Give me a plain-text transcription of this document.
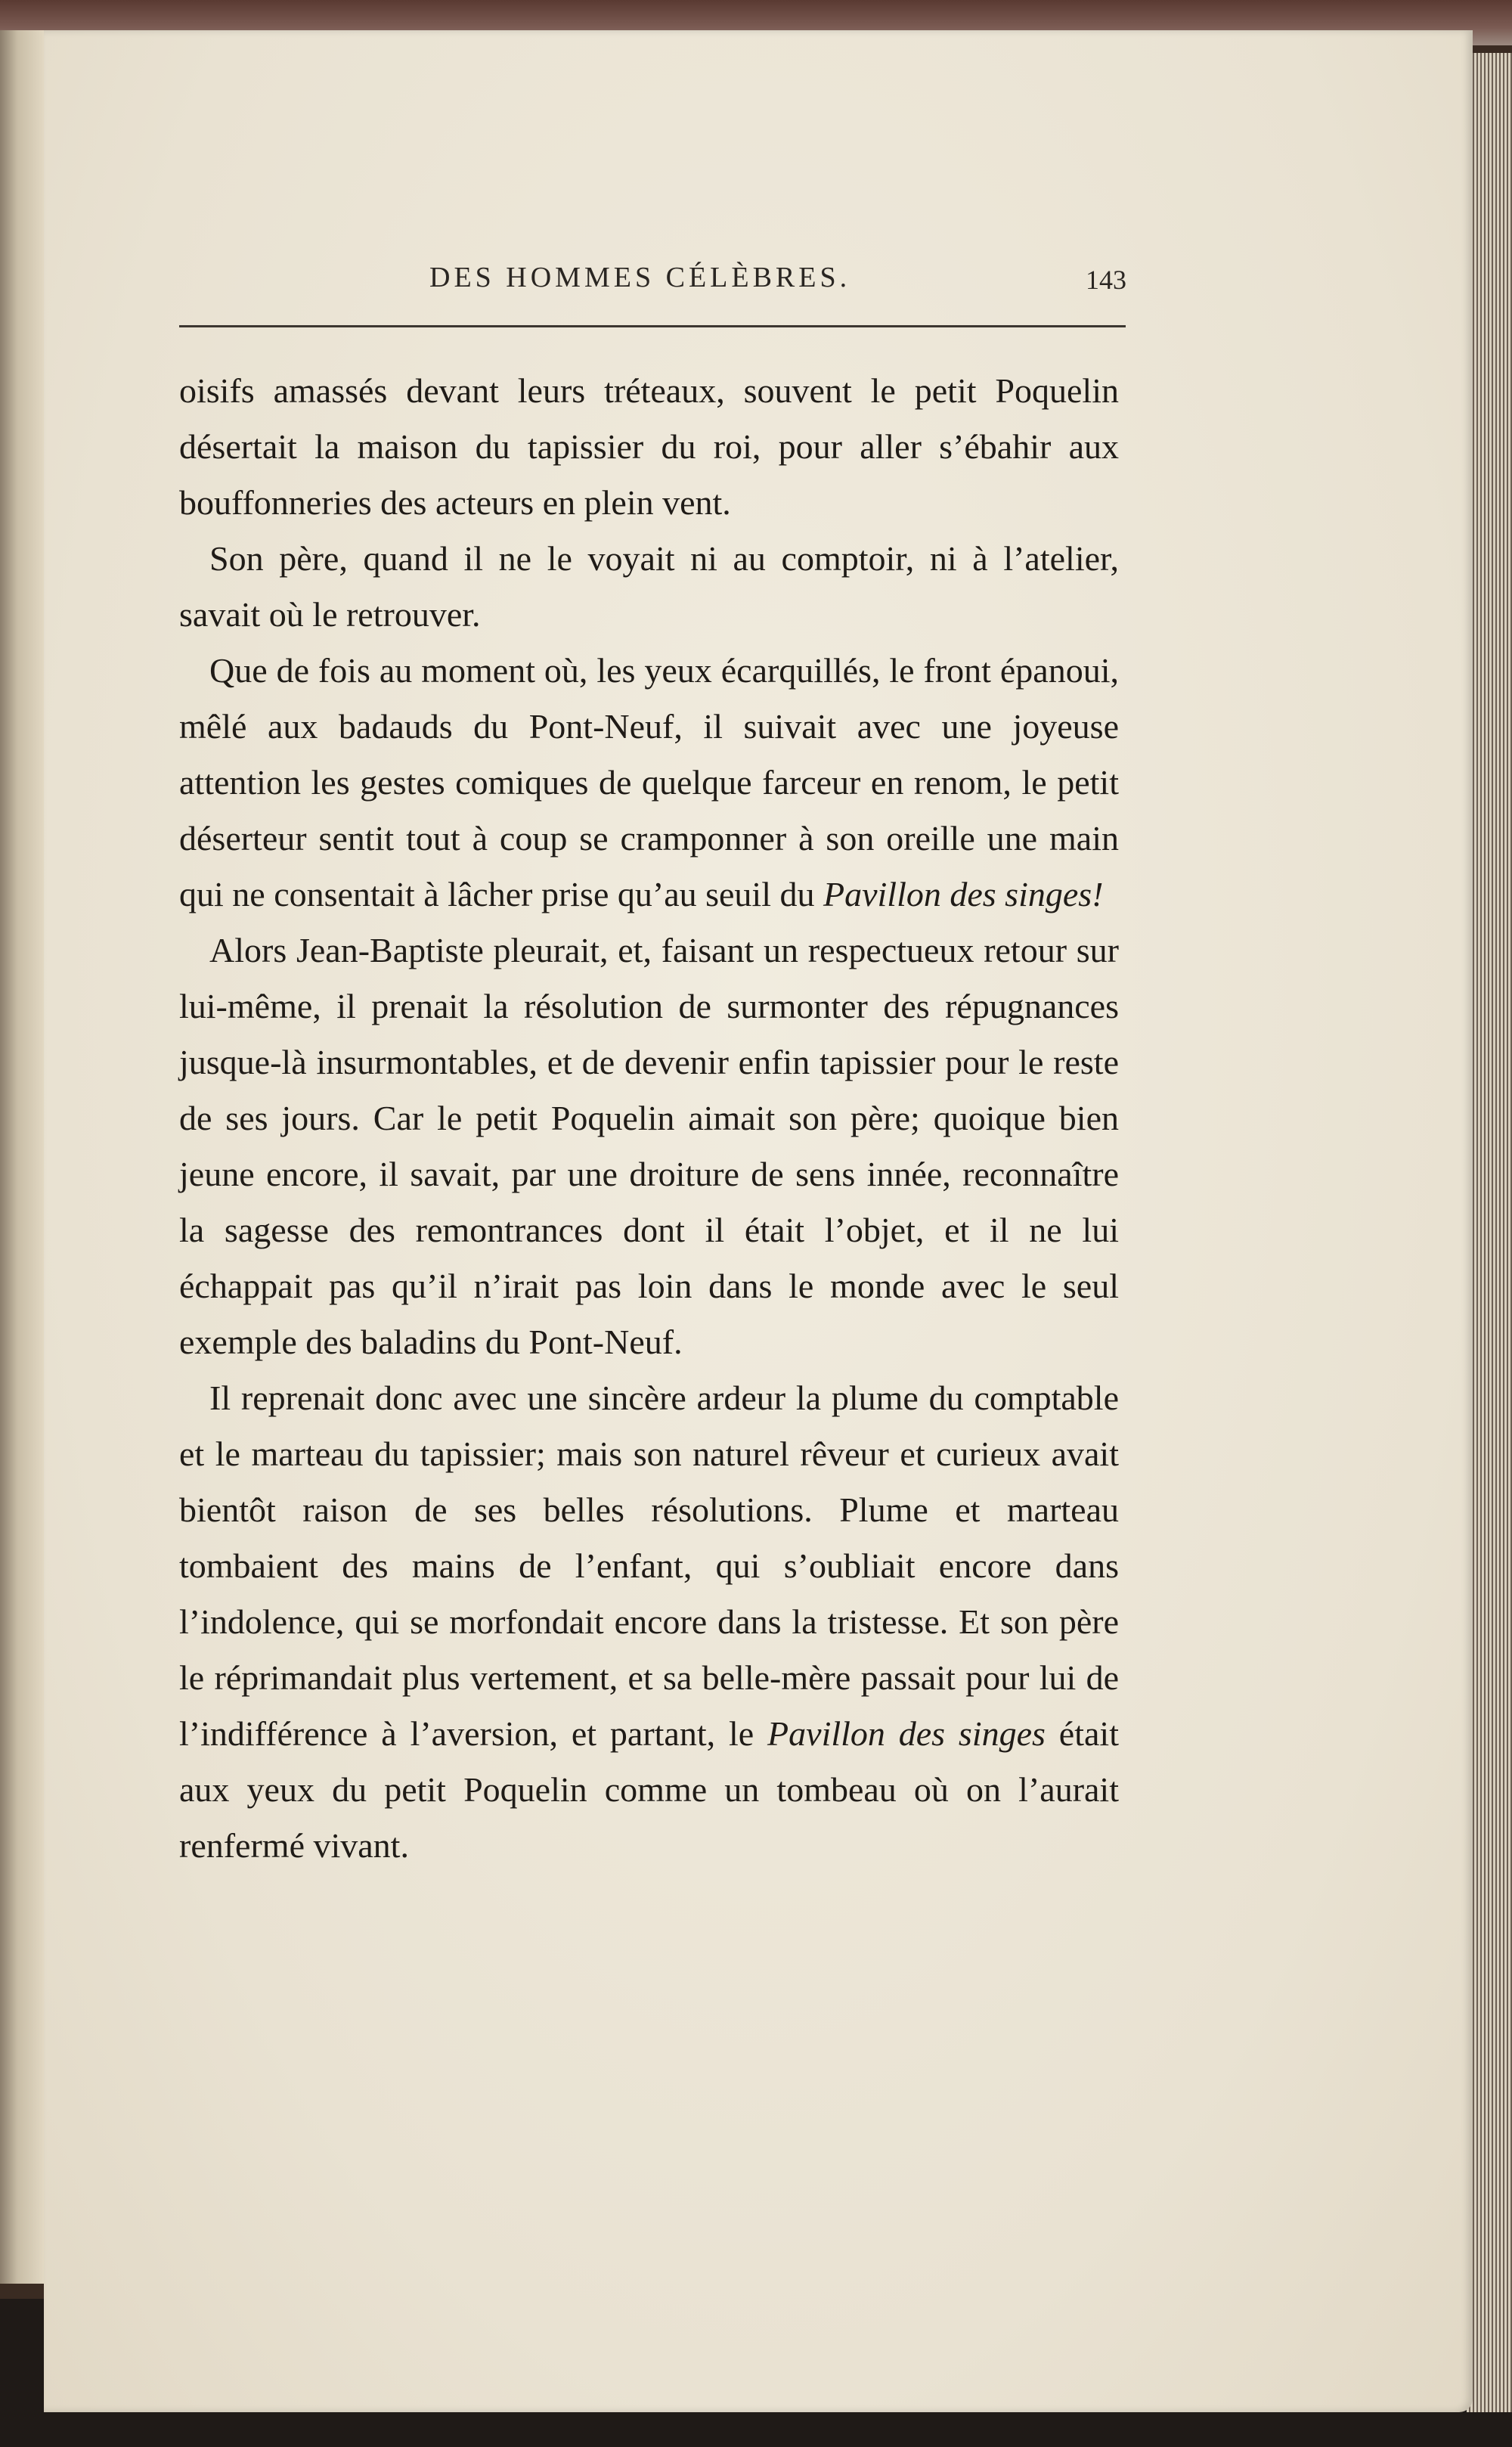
DES HOMMES CÉLÈBRES.	143

oisifs amassés devant leurs tréteaux, souvent le petit Poquelin désertait la maison du tapissier du roi, pour aller s’ébahir aux bouffonneries des acteurs en plein vent.

Son père, quand il ne le voyait ni au comptoir, ni à l’atelier, savait où le retrouver.

Que de fois au moment où, les yeux écarquillés, le front épanoui, mêlé aux badauds du Pont-Neuf, il suivait avec une joyeuse attention les gestes comiques de quelque farceur en renom, le petit déserteur sentit tout à coup se cramponner à son oreille une main qui ne consentait à lâcher prise qu’au seuil du Pavillon des singes!

Alors Jean-Baptiste pleurait, et, faisant un respectueux retour sur lui-même, il prenait la résolution de surmonter des répugnances jusque-là insurmontables, et de devenir enfin tapissier pour le reste de ses jours. Car le petit Poquelin aimait son père; quoique bien jeune encore, il savait, par une droiture de sens innée, reconnaître la sagesse des remontrances dont il était l’objet, et il ne lui échappait pas qu’il n’irait pas loin dans le monde avec le seul exemple des baladins du Pont-Neuf.

Il reprenait donc avec une sincère ardeur la plume du comptable et le marteau du tapissier; mais son naturel rêveur et curieux avait bientôt raison de ses belles résolutions. Plume et marteau tombaient des mains de l’enfant, qui s’oubliait encore dans l’indolence, qui se morfondait encore dans la tristesse. Et son père le réprimandait plus vertement, et sa belle-mère passait pour lui de l’indifférence à l’aversion, et partant, le Pavillon des singes était aux yeux du petit Poquelin comme un tombeau où on l’aurait renfermé vivant.
